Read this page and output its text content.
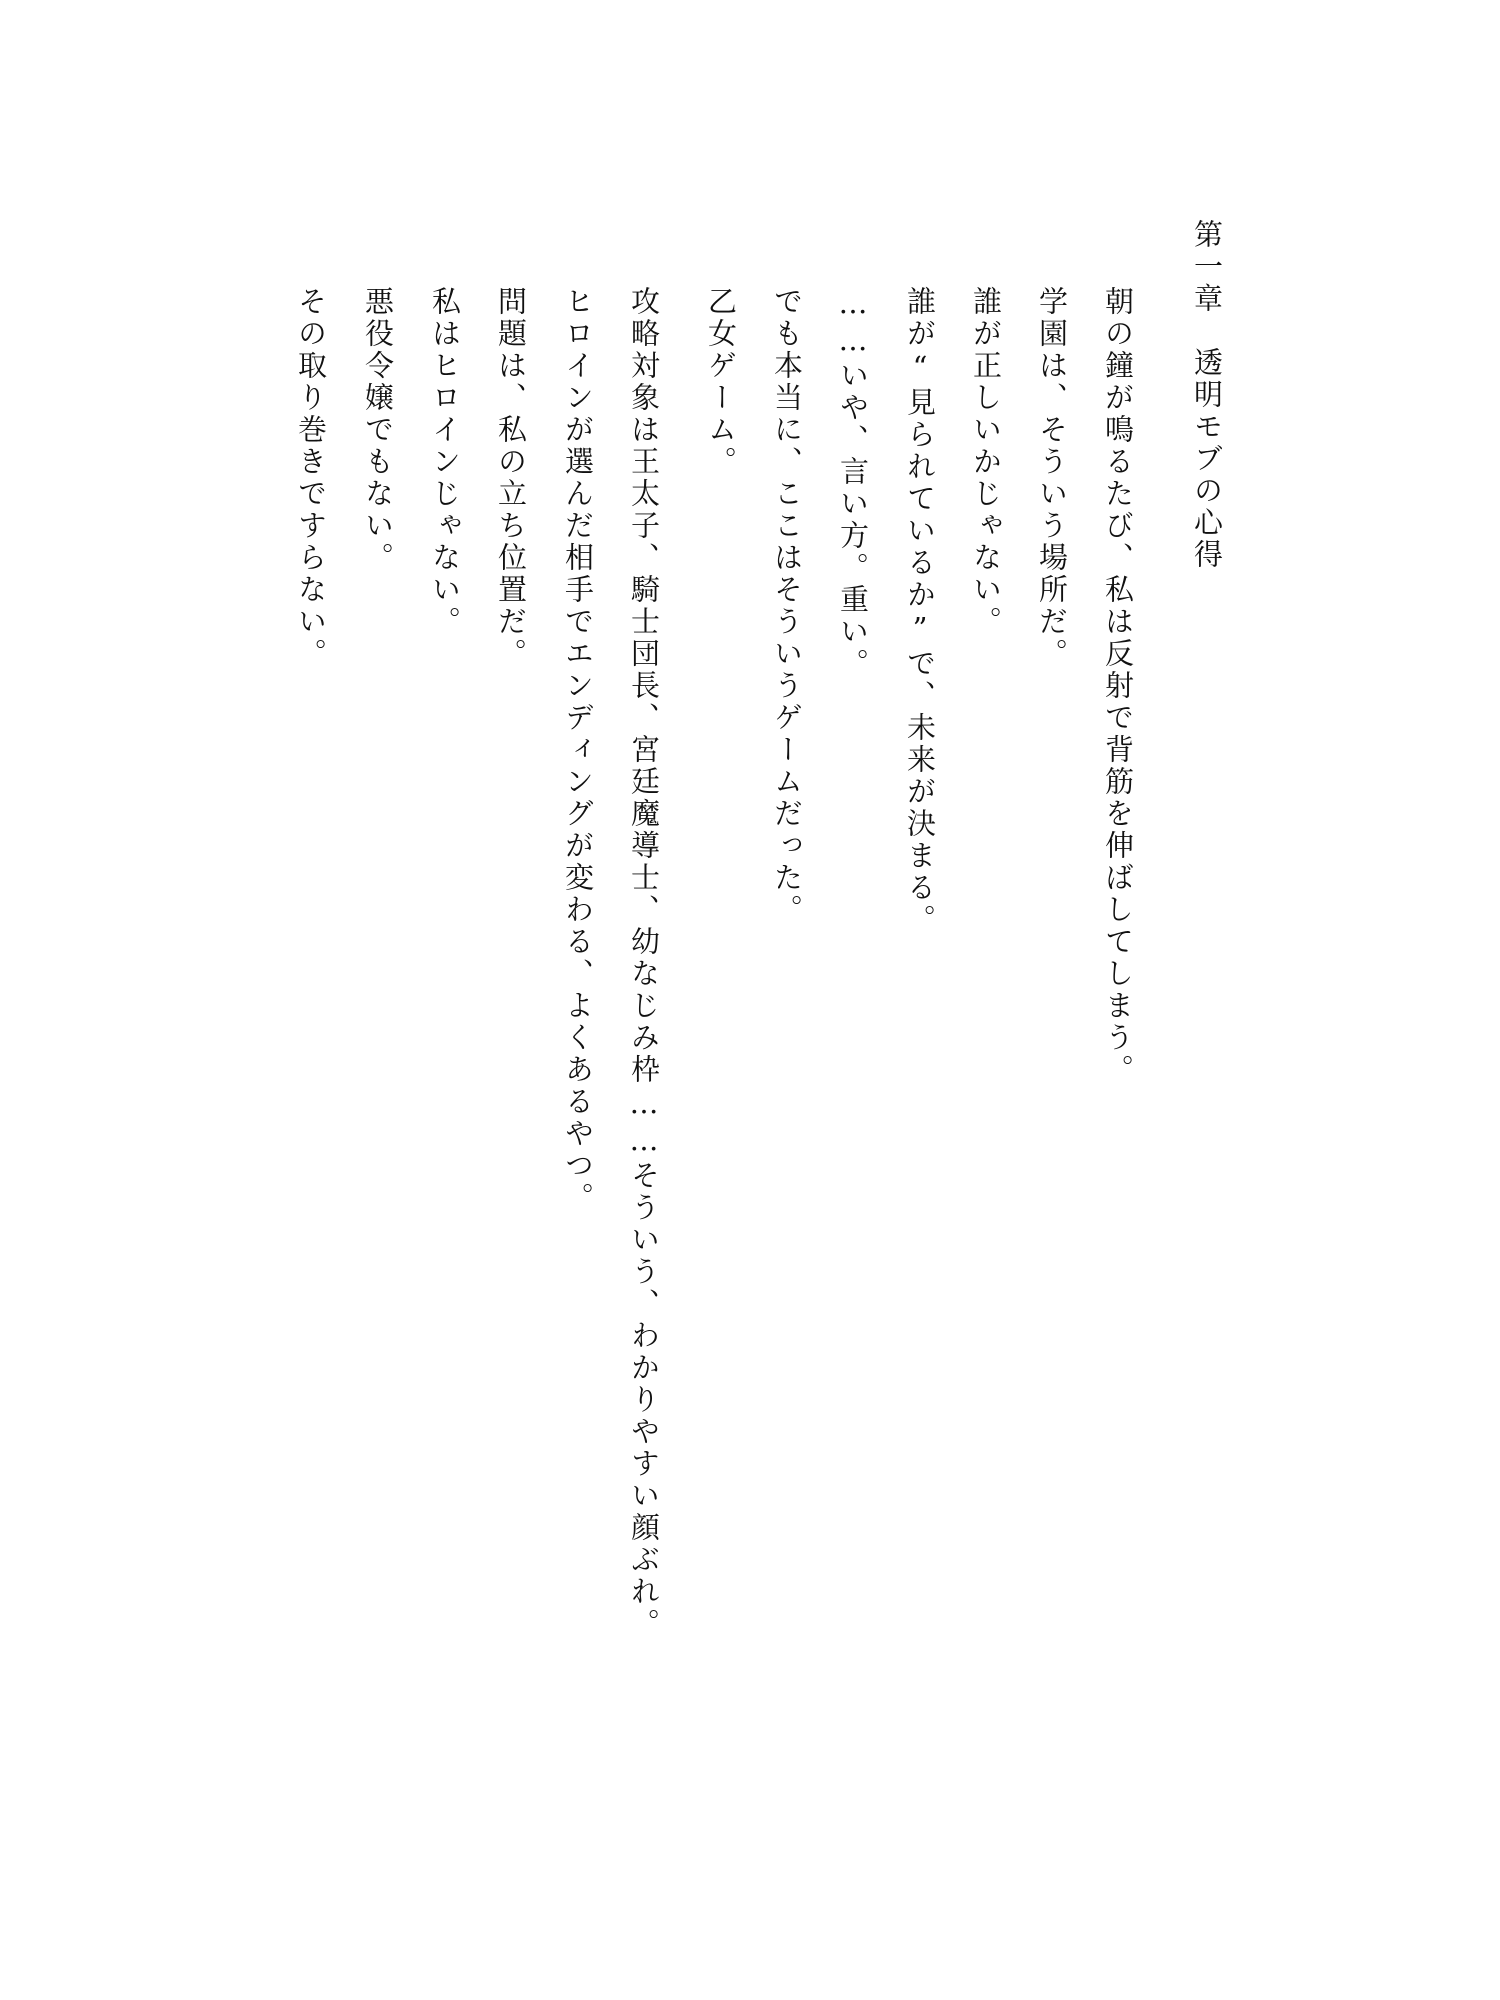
第一章　透明モブの心得
朝の鐘が鳴るたび、私は反射で背筋を伸ばしてしまう。
学園は、そういう場所だ。
誰が正しいかじゃない。
誰が“見られているか”で、未来が決まる。
……いや、言い方。重い。
でも本当に、ここはそういうゲームだった。
乙女ゲーム。
攻略対象は王太子、騎士団長、宮廷魔導士、幼なじみ枠……そういう、わかりやすい顔ぶれ。
ヒロインが選んだ相手でエンディングが変わる、よくあるやつ。
問題は、私の立ち位置だ。
私はヒロインじゃない。
悪役令嬢でもない。
その取り巻きですらない。
